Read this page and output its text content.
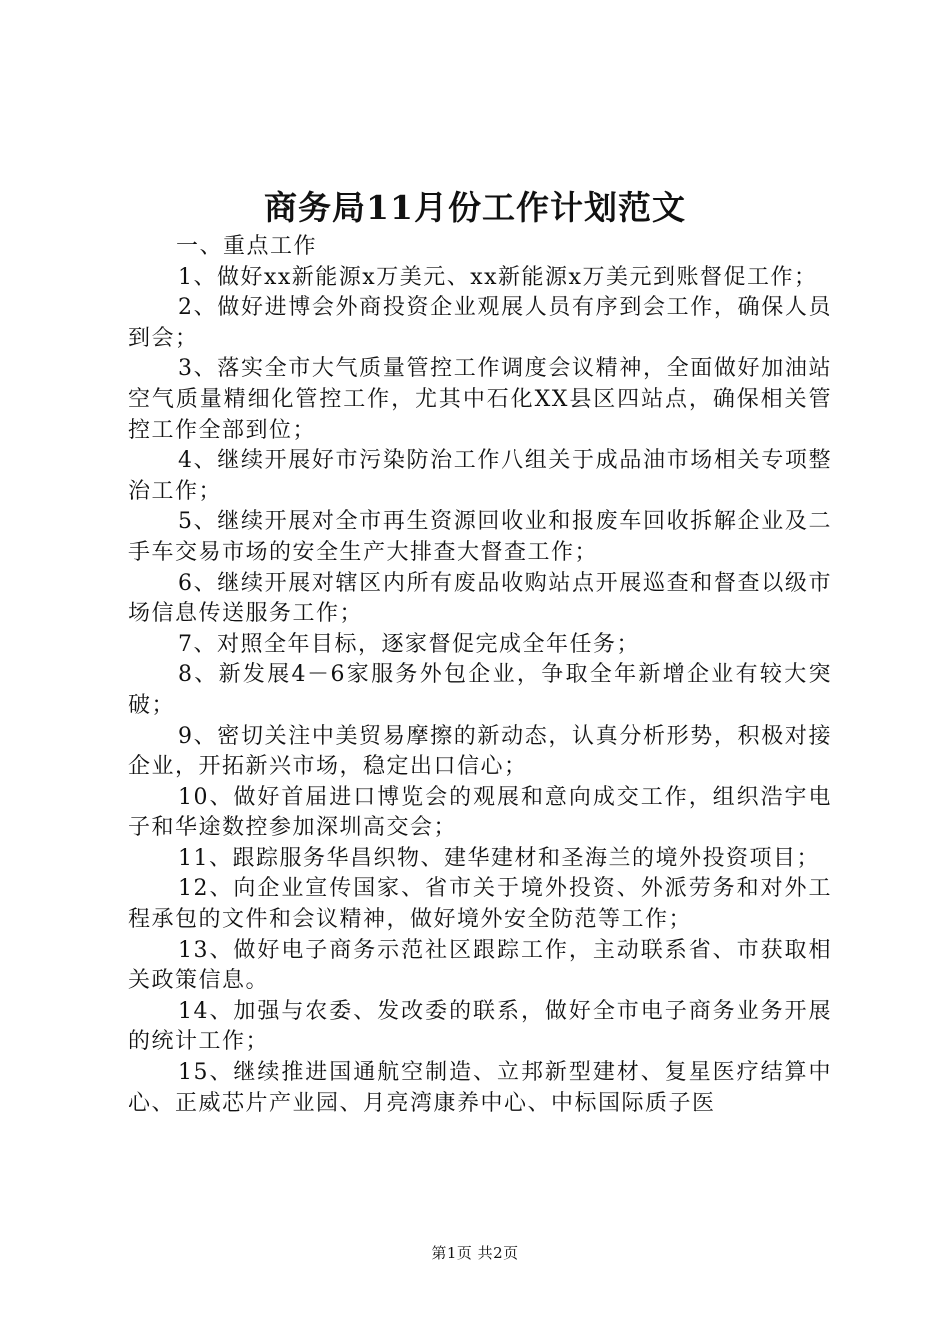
商务局11月份工作计划范文

一、重点工作

1、做好xx新能源x万美元、xx新能源x万美元到账督促工作；

2、做好进博会外商投资企业观展人员有序到会工作，确保人员到会；

3、落实全市大气质量管控工作调度会议精神，全面做好加油站空气质量精细化管控工作，尤其中石化XX县区四站点，确保相关管控工作全部到位；

4、继续开展好市污染防治工作八组关于成品油市场相关专项整治工作；

5、继续开展对全市再生资源回收业和报废车回收拆解企业及二手车交易市场的安全生产大排查大督查工作；

6、继续开展对辖区内所有废品收购站点开展巡查和督查以级市场信息传送服务工作；

7、对照全年目标，逐家督促完成全年任务；

8、新发展4－6家服务外包企业，争取全年新增企业有较大突破；

9、密切关注中美贸易摩擦的新动态，认真分析形势，积极对接企业，开拓新兴市场，稳定出口信心；

10、做好首届进口博览会的观展和意向成交工作，组织浩宇电子和华途数控参加深圳高交会；

11、跟踪服务华昌织物、建华建材和圣海兰的境外投资项目；

12、向企业宣传国家、省市关于境外投资、外派劳务和对外工程承包的文件和会议精神，做好境外安全防范等工作；

13、做好电子商务示范社区跟踪工作，主动联系省、市获取相关政策信息。

14、加强与农委、发改委的联系，做好全市电子商务业务开展的统计工作；

15、继续推进国通航空制造、立邦新型建材、复星医疗结算中心、正威芯片产业园、月亮湾康养中心、中标国际质子医

第1页 共2页
